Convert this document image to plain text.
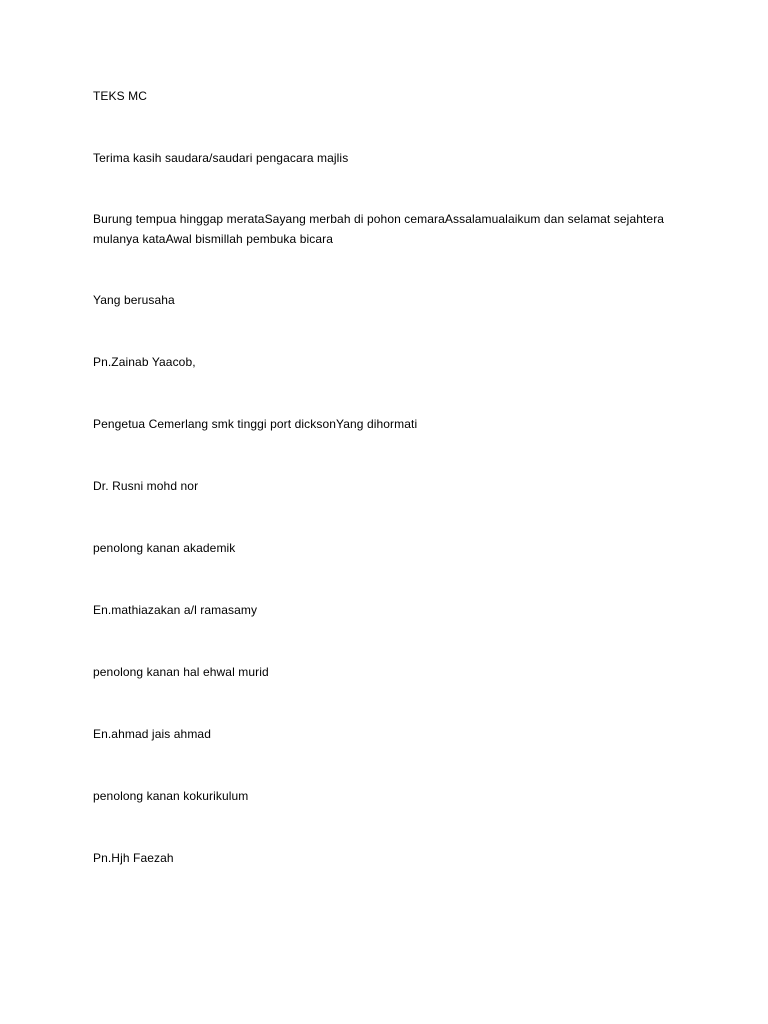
TEKS MC
Terima kasih saudara/saudari pengacara majlis
Burung tempua hinggap merataSayang merbah di pohon cemaraAssalamualaikum dan selamat sejahtera mulanya kataAwal bismillah pembuka bicara
Yang berusaha
Pn.Zainab Yaacob,
Pengetua Cemerlang smk tinggi port dicksonYang dihormati
Dr. Rusni mohd nor
penolong kanan akademik
En.mathiazakan a/l ramasamy
penolong kanan hal ehwal murid
En.ahmad jais ahmad
penolong kanan kokurikulum
Pn.Hjh Faezah
